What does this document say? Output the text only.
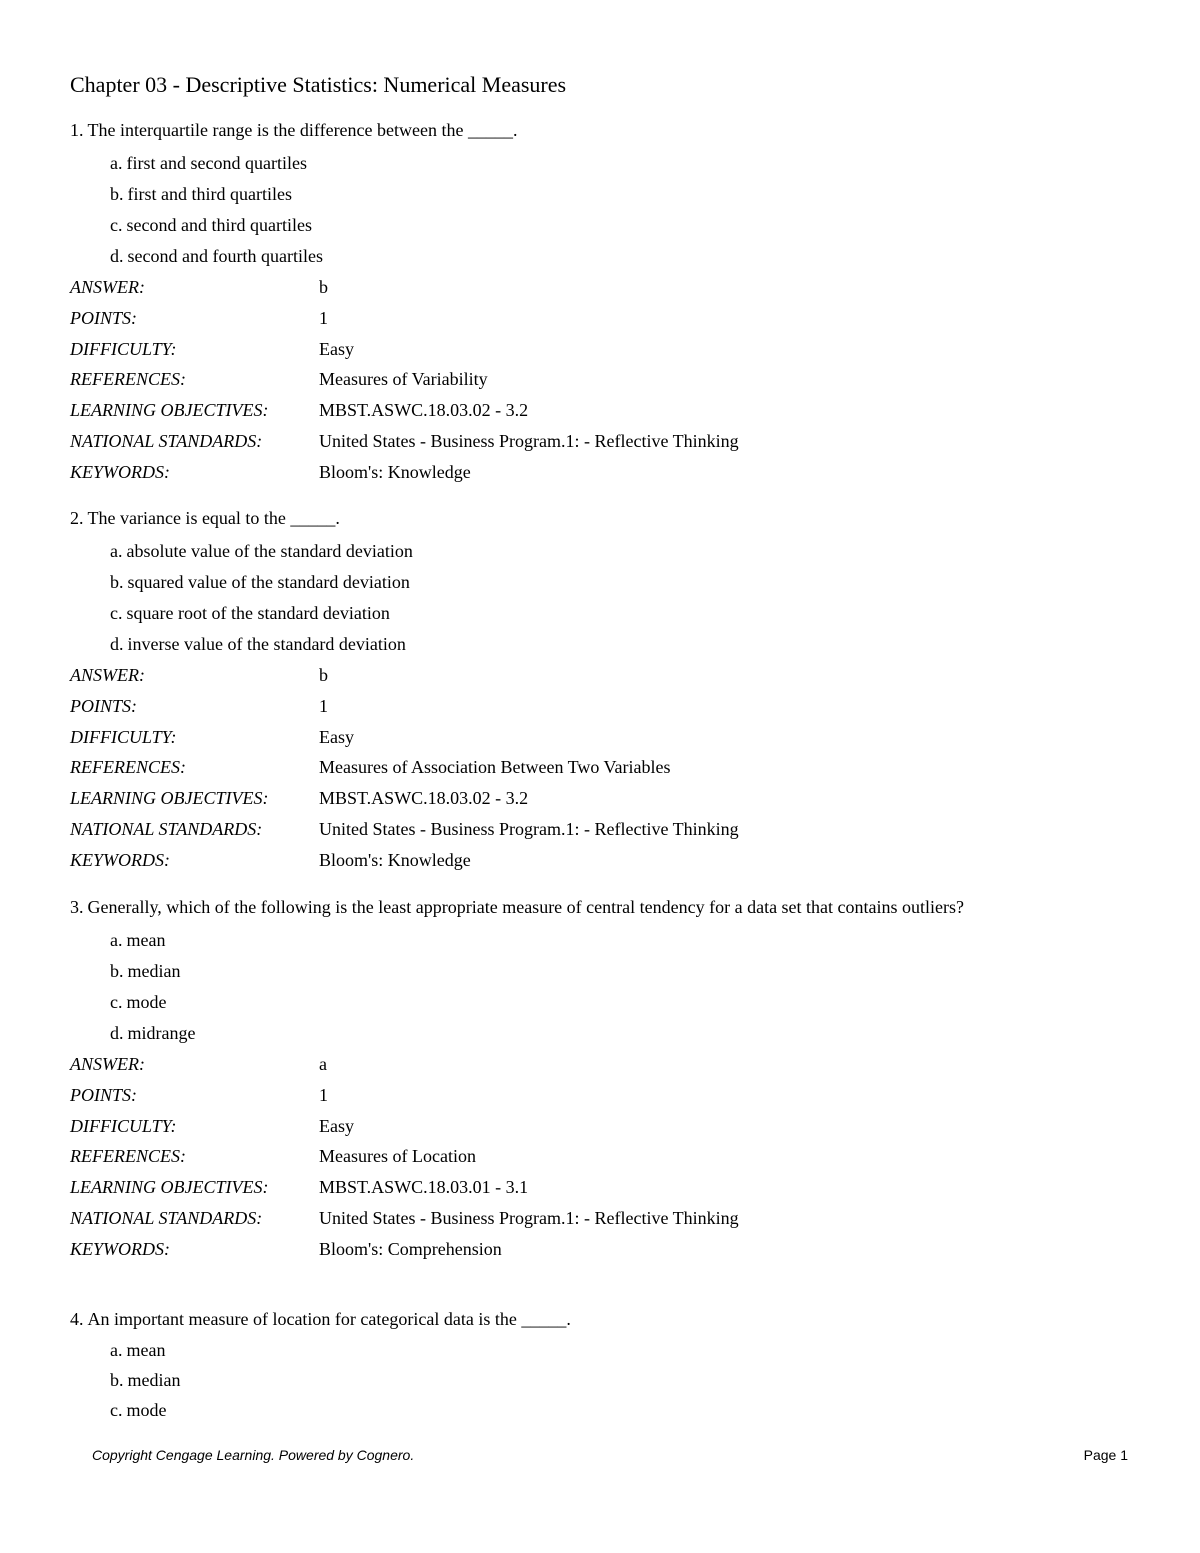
Chapter 03 - Descriptive Statistics: Numerical Measures

1. The interquartile range is the difference between the _____.

a. first and second quartiles
b. first and third quartiles
c. second and third quartiles
d. second and fourth quartiles
ANSWER:	b
POINTS:	1
DIFFICULTY:	Easy
REFERENCES:	Measures of Variability
LEARNING OBJECTIVES:	MBST.ASWC.18.03.02 - 3.2
NATIONAL STANDARDS:	United States - Business Program.1: - Reflective Thinking
KEYWORDS:	Bloom's: Knowledge

2. The variance is equal to the _____.

a. absolute value of the standard deviation
b. squared value of the standard deviation
c. square root of the standard deviation
d. inverse value of the standard deviation
ANSWER:	b
POINTS:	1
DIFFICULTY:	Easy
REFERENCES:	Measures of Association Between Two Variables
LEARNING OBJECTIVES:	MBST.ASWC.18.03.02 - 3.2
NATIONAL STANDARDS:	United States - Business Program.1: - Reflective Thinking
KEYWORDS:	Bloom's: Knowledge

3. Generally, which of the following is the least appropriate measure of central tendency for a data set that contains outliers?

a. mean
b. median
c. mode
d. midrange
ANSWER:	a
POINTS:	1
DIFFICULTY:	Easy
REFERENCES:	Measures of Location
LEARNING OBJECTIVES:	MBST.ASWC.18.03.01 - 3.1
NATIONAL STANDARDS:	United States - Business Program.1: - Reflective Thinking
KEYWORDS:	Bloom's: Comprehension

4. An important measure of location for categorical data is the _____.

a. mean
b. median
c. mode
Copyright Cengage Learning. Powered by Cognero.	Page 1
